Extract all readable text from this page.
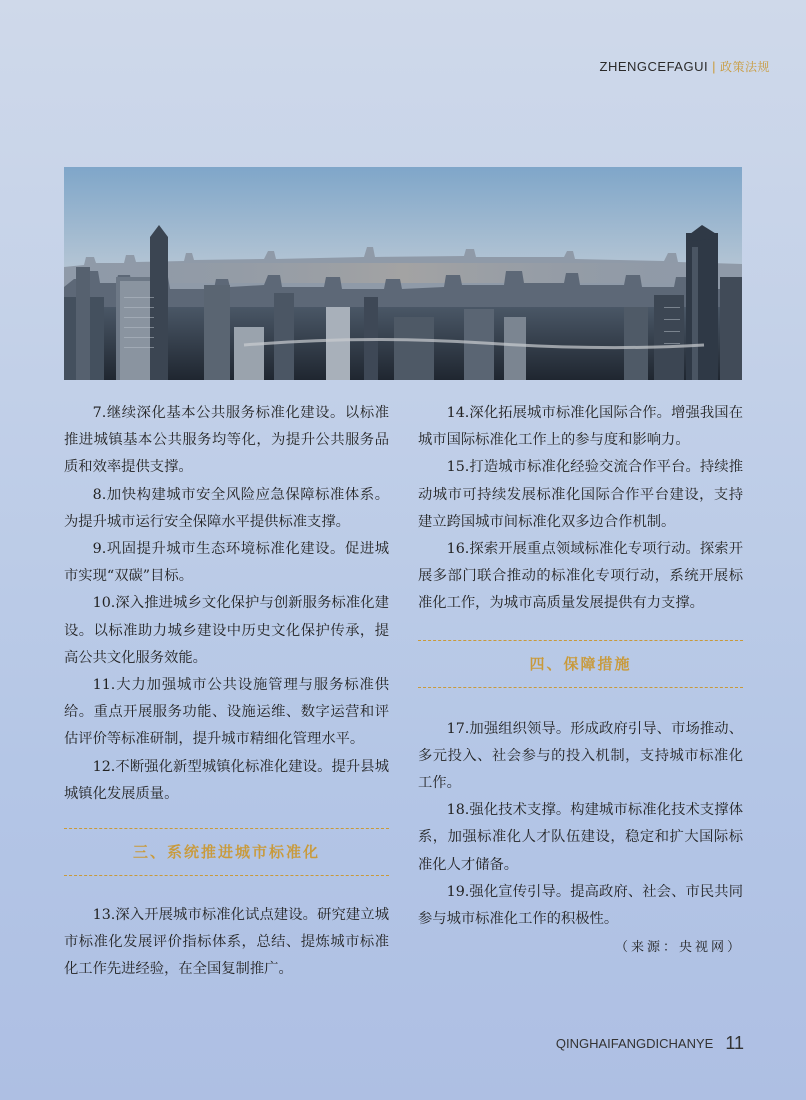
ZHENGCEFAGUI | 政策法规

7.继续深化基本公共服务标准化建设。以标准推进城镇基本公共服务均等化，为提升公共服务品质和效率提供支撑。

8.加快构建城市安全风险应急保障标准体系。为提升城市运行安全保障水平提供标准支撑。

9.巩固提升城市生态环境标准化建设。促进城市实现“双碳”目标。

10.深入推进城乡文化保护与创新服务标准化建设。以标准助力城乡建设中历史文化保护传承，提高公共文化服务效能。

11.大力加强城市公共设施管理与服务标准供给。重点开展服务功能、设施运维、数字运营和评估评价等标准研制，提升城市精细化管理水平。

12.不断强化新型城镇化标准化建设。提升县城城镇化发展质量。

三、系统推进城市标准化

13.深入开展城市标准化试点建设。研究建立城市标准化发展评价指标体系，总结、提炼城市标准化工作先进经验，在全国复制推广。

14.深化拓展城市标准化国际合作。增强我国在城市国际标准化工作上的参与度和影响力。

15.打造城市标准化经验交流合作平台。持续推动城市可持续发展标准化国际合作平台建设，支持建立跨国城市间标准化双多边合作机制。

16.探索开展重点领域标准化专项行动。探索开展多部门联合推动的标准化专项行动，系统开展标准化工作，为城市高质量发展提供有力支撑。

四、保障措施

17.加强组织领导。形成政府引导、市场推动、多元投入、社会参与的投入机制，支持城市标准化工作。

18.强化技术支撑。构建城市标准化技术支撑体系，加强标准化人才队伍建设，稳定和扩大国际标准化人才储备。

19.强化宣传引导。提高政府、社会、市民共同参与城市标准化工作的积极性。

（来源：央视网）
QINGHAIFANGDICHANYE 11
